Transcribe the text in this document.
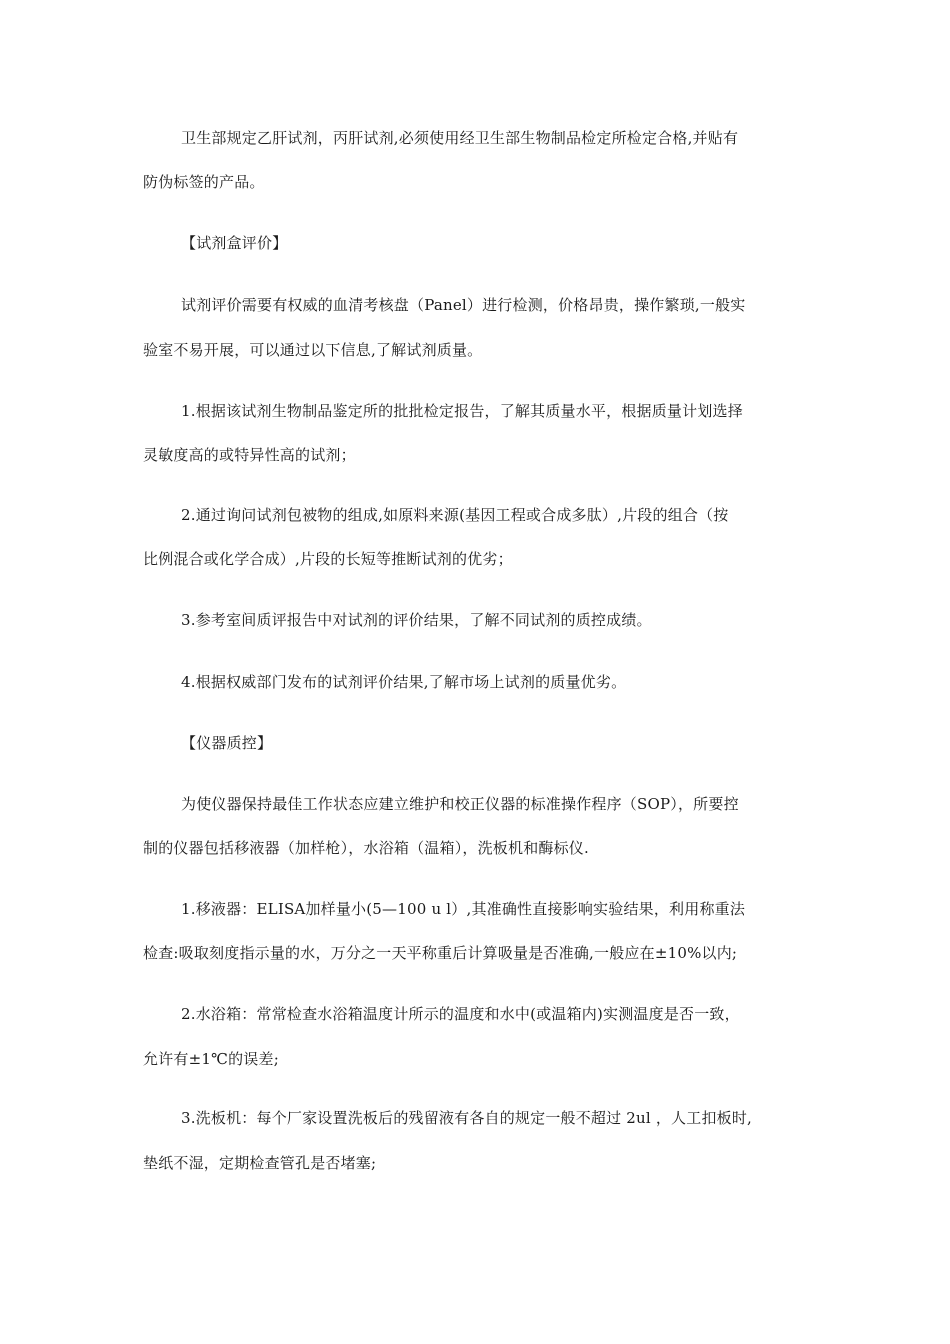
卫生部规定乙肝试剂，丙肝试剂,必须使用经卫生部生物制品检定所检定合格,并贴有
防伪标签的产品。
【试剂盒评价】
试剂评价需要有权威的血清考核盘（Panel）进行检测，价格昂贵，操作繁琐,一般实
验室不易开展，可以通过以下信息,了解试剂质量。
1.根据该试剂生物制品鉴定所的批批检定报告，了解其质量水平，根据质量计划选择
灵敏度高的或特异性高的试剂；
2.通过询问试剂包被物的组成,如原料来源(基因工程或合成多肽）,片段的组合（按
比例混合或化学合成）,片段的长短等推断试剂的优劣；
3.参考室间质评报告中对试剂的评价结果，了解不同试剂的质控成绩。
4.根据权威部门发布的试剂评价结果,了解市场上试剂的质量优劣。
【仪器质控】
为使仪器保持最佳工作状态应建立维护和校正仪器的标准操作程序（SOP），所要控
制的仪器包括移液器（加样枪），水浴箱（温箱），洗板机和酶标仪.
1.移液器：ELISA加样量小(5—100 u l）,其准确性直接影响实验结果，利用称重法
检查:吸取刻度指示量的水，万分之一天平称重后计算吸量是否准确,一般应在±10%以内;
2.水浴箱：常常检查水浴箱温度计所示的温度和水中(或温箱内)实测温度是否一致，
允许有±1℃的误差;
3.洗板机：每个厂家设置洗板后的残留液有各自的规定一般不超过 2ul ，人工扣板时,
垫纸不湿，定期检查管孔是否堵塞;
